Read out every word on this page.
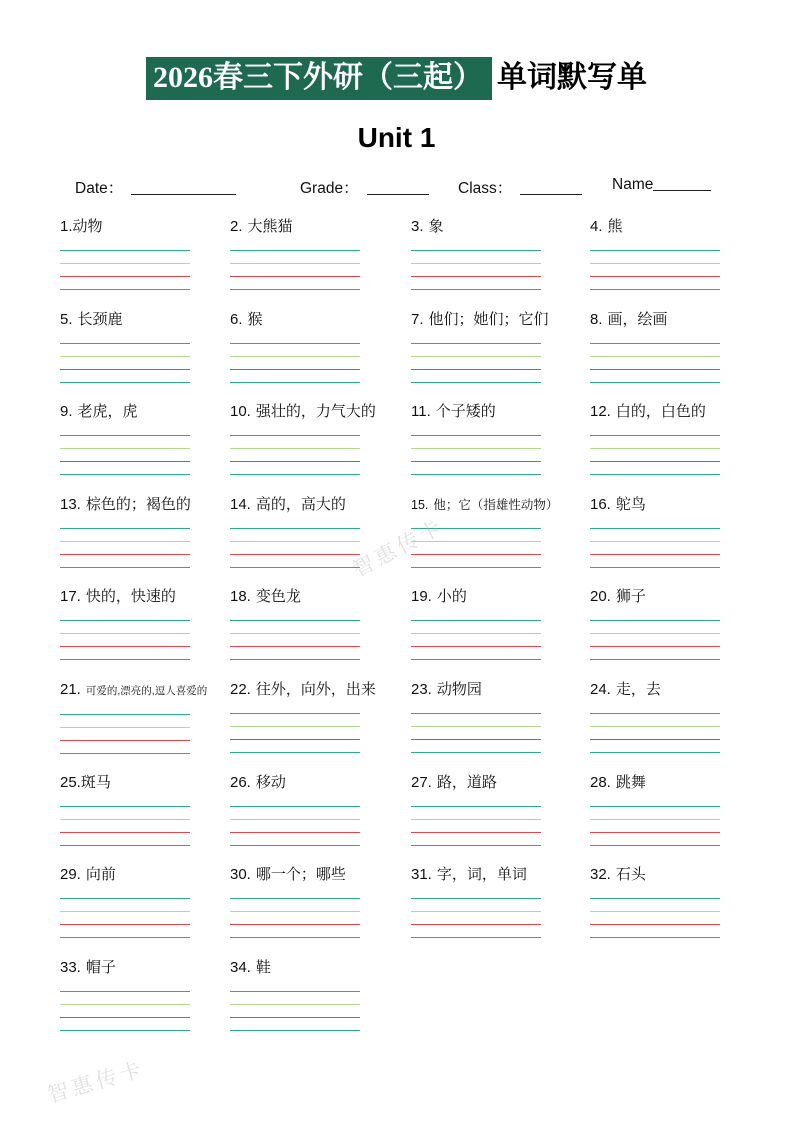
2026春三下外研（三起） 单词默写单
Unit 1
Date：	Grade：	Class：	Name
1.动物	2. 大熊猫	3. 象	4. 熊
5. 长颈鹿	6. 猴	7. 他们；她们；它们	8. 画，绘画
9. 老虎，虎	10. 强壮的，力气大的	11. 个子矮的	12. 白的，白色的
13. 棕色的；褐色的	14. 高的，高大的	15. 他；它（指雄性动物）	16. 鸵鸟
17. 快的，快速的	18. 变色龙	19. 小的	20. 狮子
21. 可爱的,漂亮的,逗人喜爱的	22. 往外，向外，出来	23. 动物园	24. 走，去
25.斑马	26. 移动	27. 路，道路	28. 跳舞
29. 向前	30. 哪一个；哪些	31. 字，词，单词	32. 石头
33. 帽子	34. 鞋
智惠传卡
智惠传卡
